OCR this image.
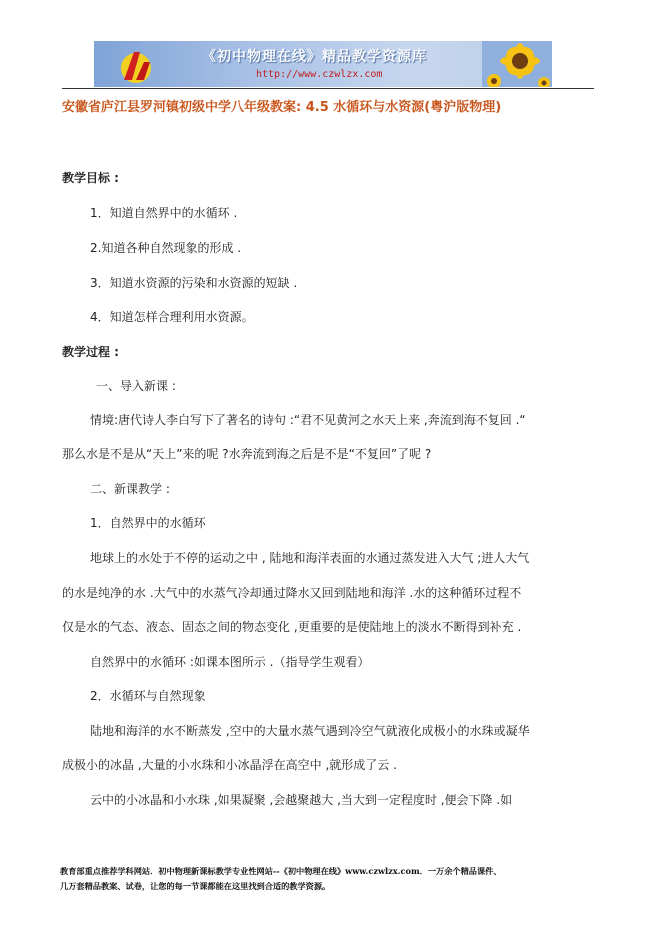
《初中物理在线》精品教学资源库
http://www.czwlzx.com
安徽省庐江县罗河镇初级中学八年级教案: 4.5 水循环与水资源(粤沪版物理)
教学目标 :
1．知道自然界中的水循环 .
2.知道各种自然现象的形成 .
3．知道水资源的污染和水资源的短缺 .
4．知道怎样合理利用水资源。
教学过程 :
一、导入新课 :
情境:唐代诗人李白写下了著名的诗句 :“君不见黄河之水天上来 ,奔流到海不复回 .“
那么水是不是从“天上”来的呢 ?水奔流到海之后是不是“不复回”了呢 ?
二、新课教学 :
1．自然界中的水循环
地球上的水处于不停的运动之中 , 陆地和海洋表面的水通过蒸发进入大气 ;进人大气
的水是纯净的水 .大气中的水蒸气冷却通过降水又回到陆地和海洋 .水的这种循环过程不
仅是水的气态、液态、固态之间的物态变化 ,更重要的是使陆地上的淡水不断得到补充 .
自然界中的水循环 :如课本图所示 .（指导学生观看）
2．水循环与自然现象
陆地和海洋的水不断蒸发 ,空中的大量水蒸气遇到冷空气就液化成极小的水珠或凝华
成极小的冰晶 ,大量的小水珠和小冰晶浮在高空中 ,就形成了云 .
云中的小冰晶和小水珠 ,如果凝聚 ,会越聚越大 ,当大到一定程度时 ,便会下降 .如
教育部重点推荐学科网站．初中物理新课标教学专业性网站--《初中物理在线》www.czwlzx.com．一万余个精品课件、
几万套精品教案、试卷，让您的每一节课都能在这里找到合适的教学资源。
